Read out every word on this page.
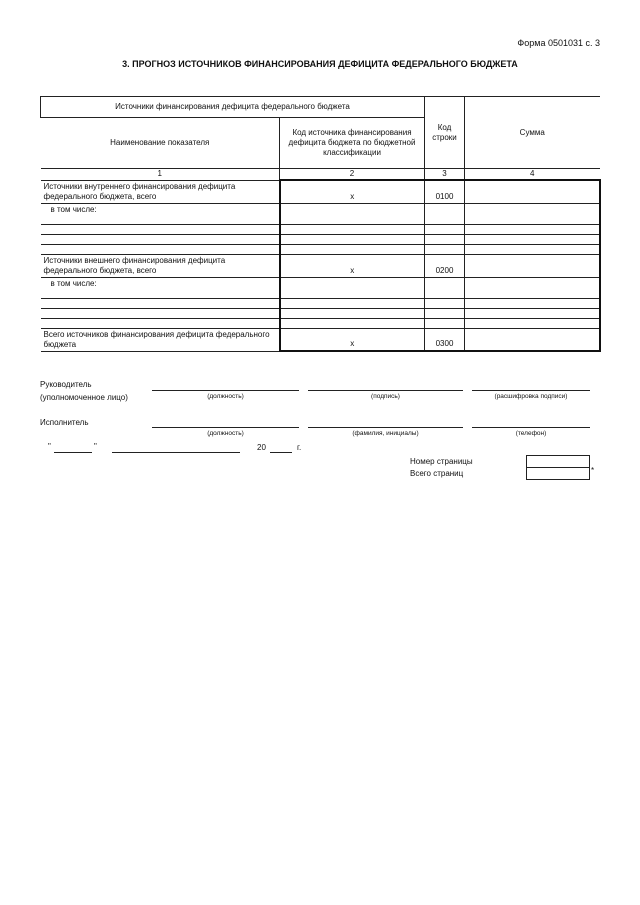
Форма 0501031 с. 3
3. ПРОГНОЗ ИСТОЧНИКОВ ФИНАНСИРОВАНИЯ ДЕФИЦИТА ФЕДЕРАЛЬНОГО БЮДЖЕТА
Источники финансирования дефицита федерального бюджета		Код строки	Сумма
Наименование показателя	Код источника финансирования дефицита бюджета по бюджетной классификации		
1	2	3	4
Источники внутреннего финансирования дефицита федерального бюджета, всего	x	0100	
в том числе:			

Источники внешнего финансирования дефицита федерального бюджета, всего	x	0200	
в том числе:			

Всего источников финансирования дефицита федерального бюджета	x	0300	
Руководитель
(уполномоченное лицо)	(должность)	(подпись)	(расшифровка подписи)
Исполнитель
(должность)	(фамилия, инициалы)	(телефон)
"	"	20	г.
Номер страницы
Всего страниц	*
